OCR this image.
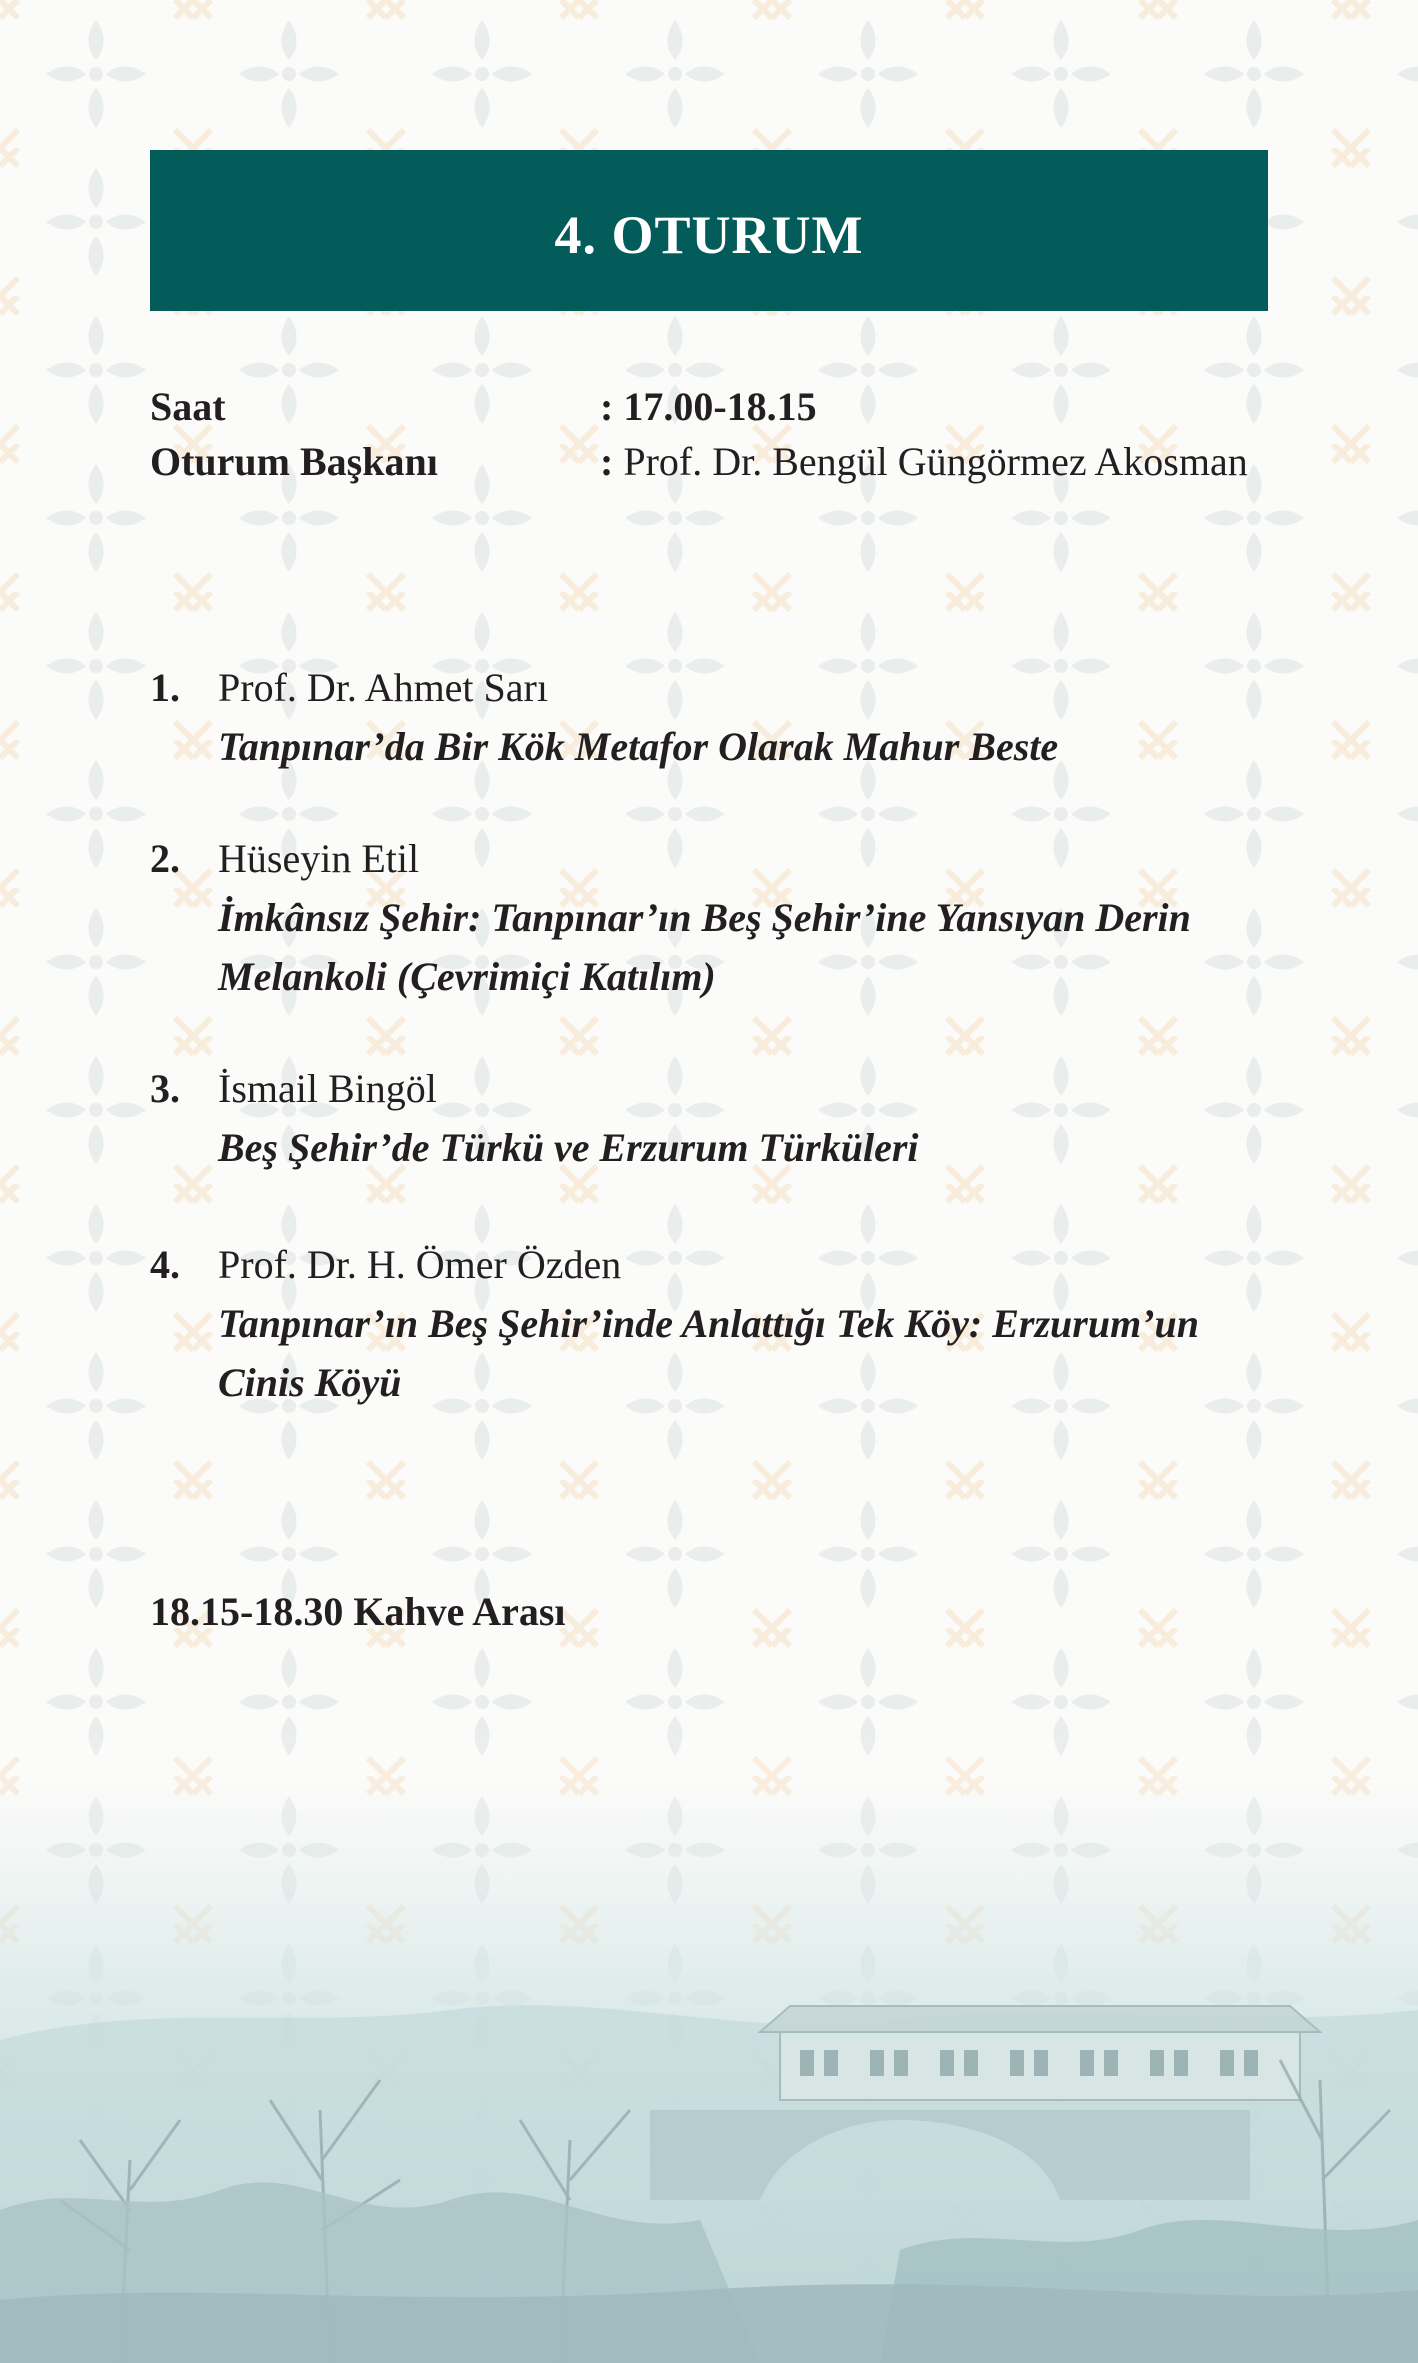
4. OTURUM
Saat	: 17.00-18.15
Oturum Başkanı	: Prof. Dr. Bengül Güngörmez Akosman
1. Prof. Dr. Ahmet Sarı
Tanpınar’da Bir Kök Metafor Olarak Mahur Beste
2. Hüseyin Etil
İmkânsız Şehir: Tanpınar’ın Beş Şehir’ine Yansıyan Derin Melankoli (Çevrimiçi Katılım)
3. İsmail Bingöl
Beş Şehir’de Türkü ve Erzurum Türküleri
4. Prof. Dr. H. Ömer Özden
Tanpınar’ın Beş Şehir’inde Anlattığı Tek Köy: Erzurum’un Cinis Köyü
18.15-18.30 Kahve Arası
